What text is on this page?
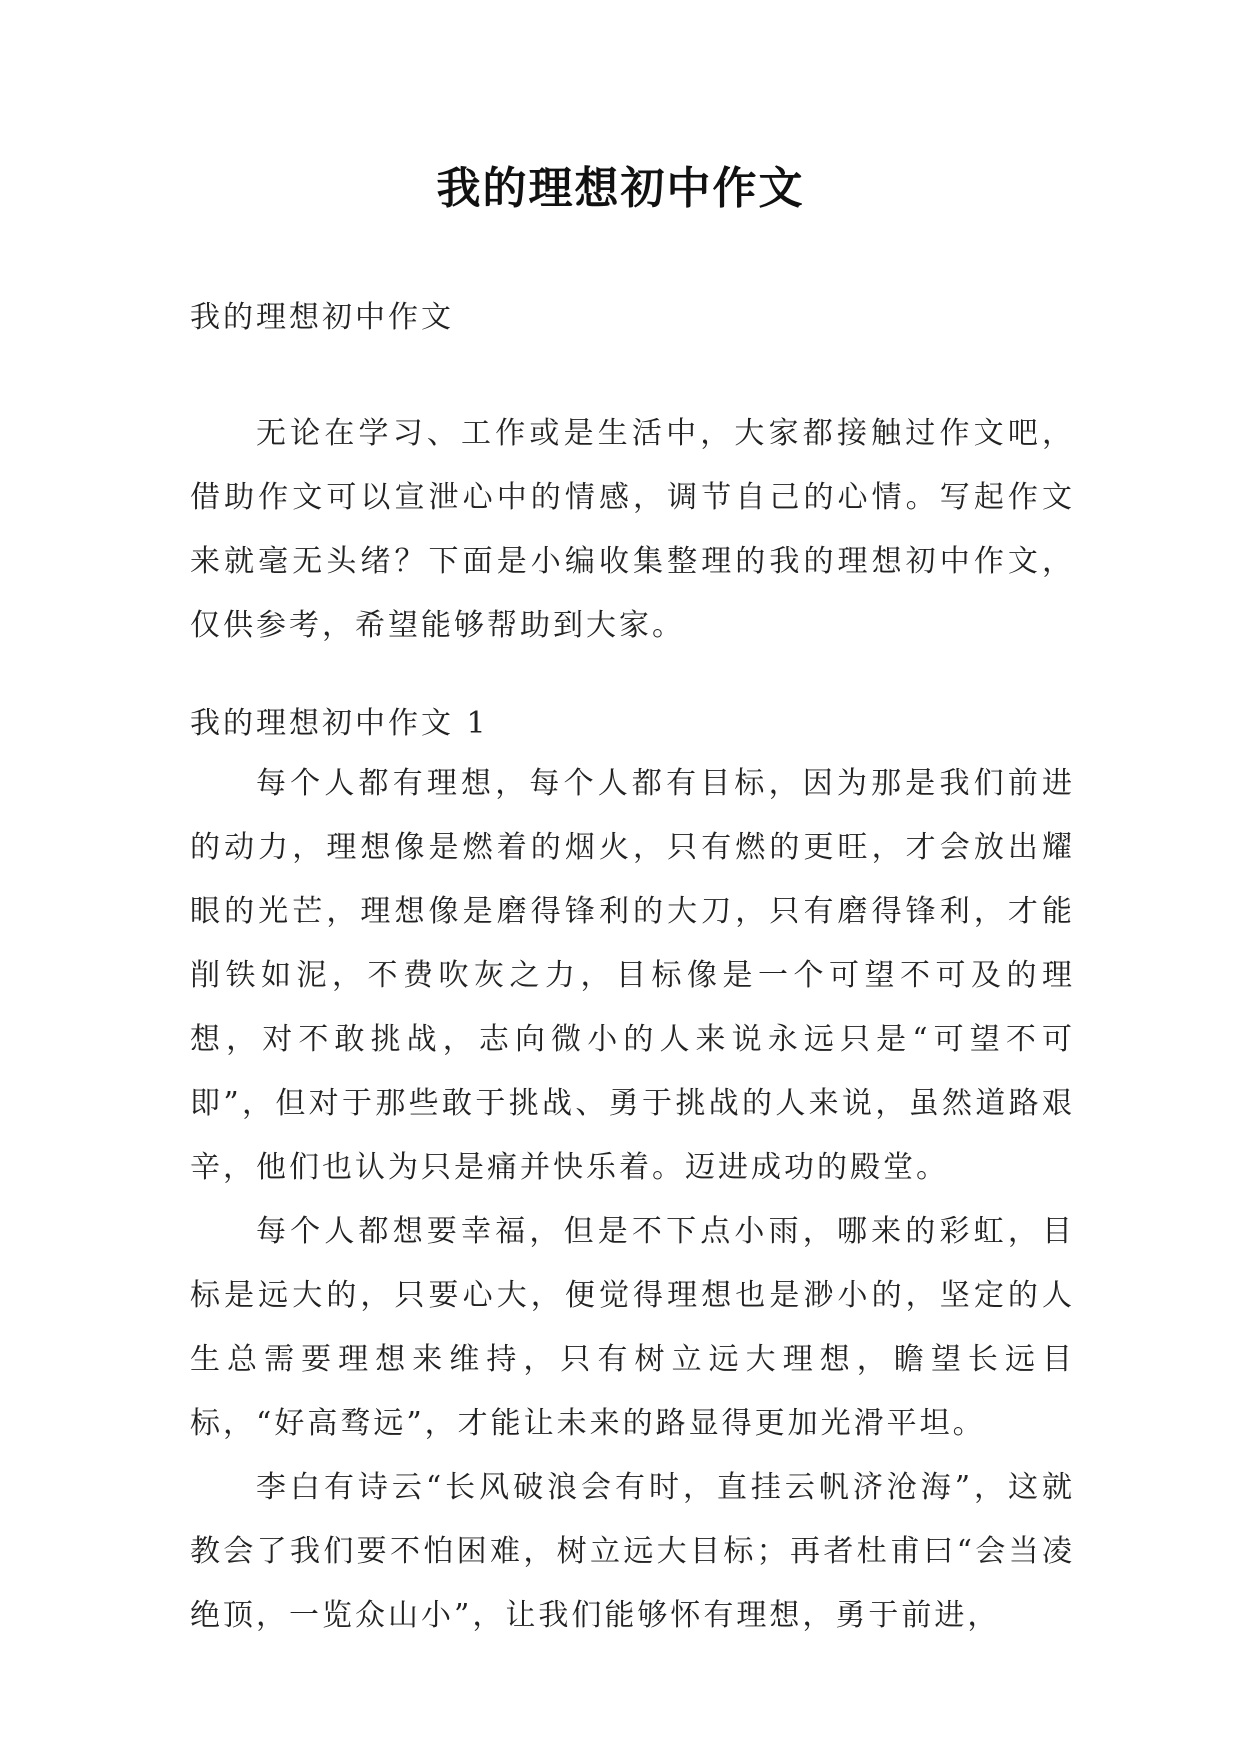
我的理想初中作文

我的理想初中作文

无论在学习、工作或是生活中，大家都接触过作文吧，借助作文可以宣泄心中的情感，调节自己的心情。写起作文来就毫无头绪？下面是小编收集整理的我的理想初中作文，仅供参考，希望能够帮助到大家。

我的理想初中作文 1

每个人都有理想，每个人都有目标，因为那是我们前进的动力，理想像是燃着的烟火，只有燃的更旺，才会放出耀眼的光芒，理想像是磨得锋利的大刀，只有磨得锋利，才能削铁如泥，不费吹灰之力，目标像是一个可望不可及的理想，对不敢挑战，志向微小的人来说永远只是“可望不可即”，但对于那些敢于挑战、勇于挑战的人来说，虽然道路艰辛，他们也认为只是痛并快乐着。迈进成功的殿堂。

每个人都想要幸福，但是不下点小雨，哪来的彩虹，目标是远大的，只要心大，便觉得理想也是渺小的，坚定的人生总需要理想来维持，只有树立远大理想，瞻望长远目标，“好高骛远”，才能让未来的路显得更加光滑平坦。

李白有诗云“长风破浪会有时，直挂云帆济沧海”，这就教会了我们要不怕困难，树立远大目标；再者杜甫曰“会当凌绝顶，一览众山小”，让我们能够怀有理想，勇于前进，
